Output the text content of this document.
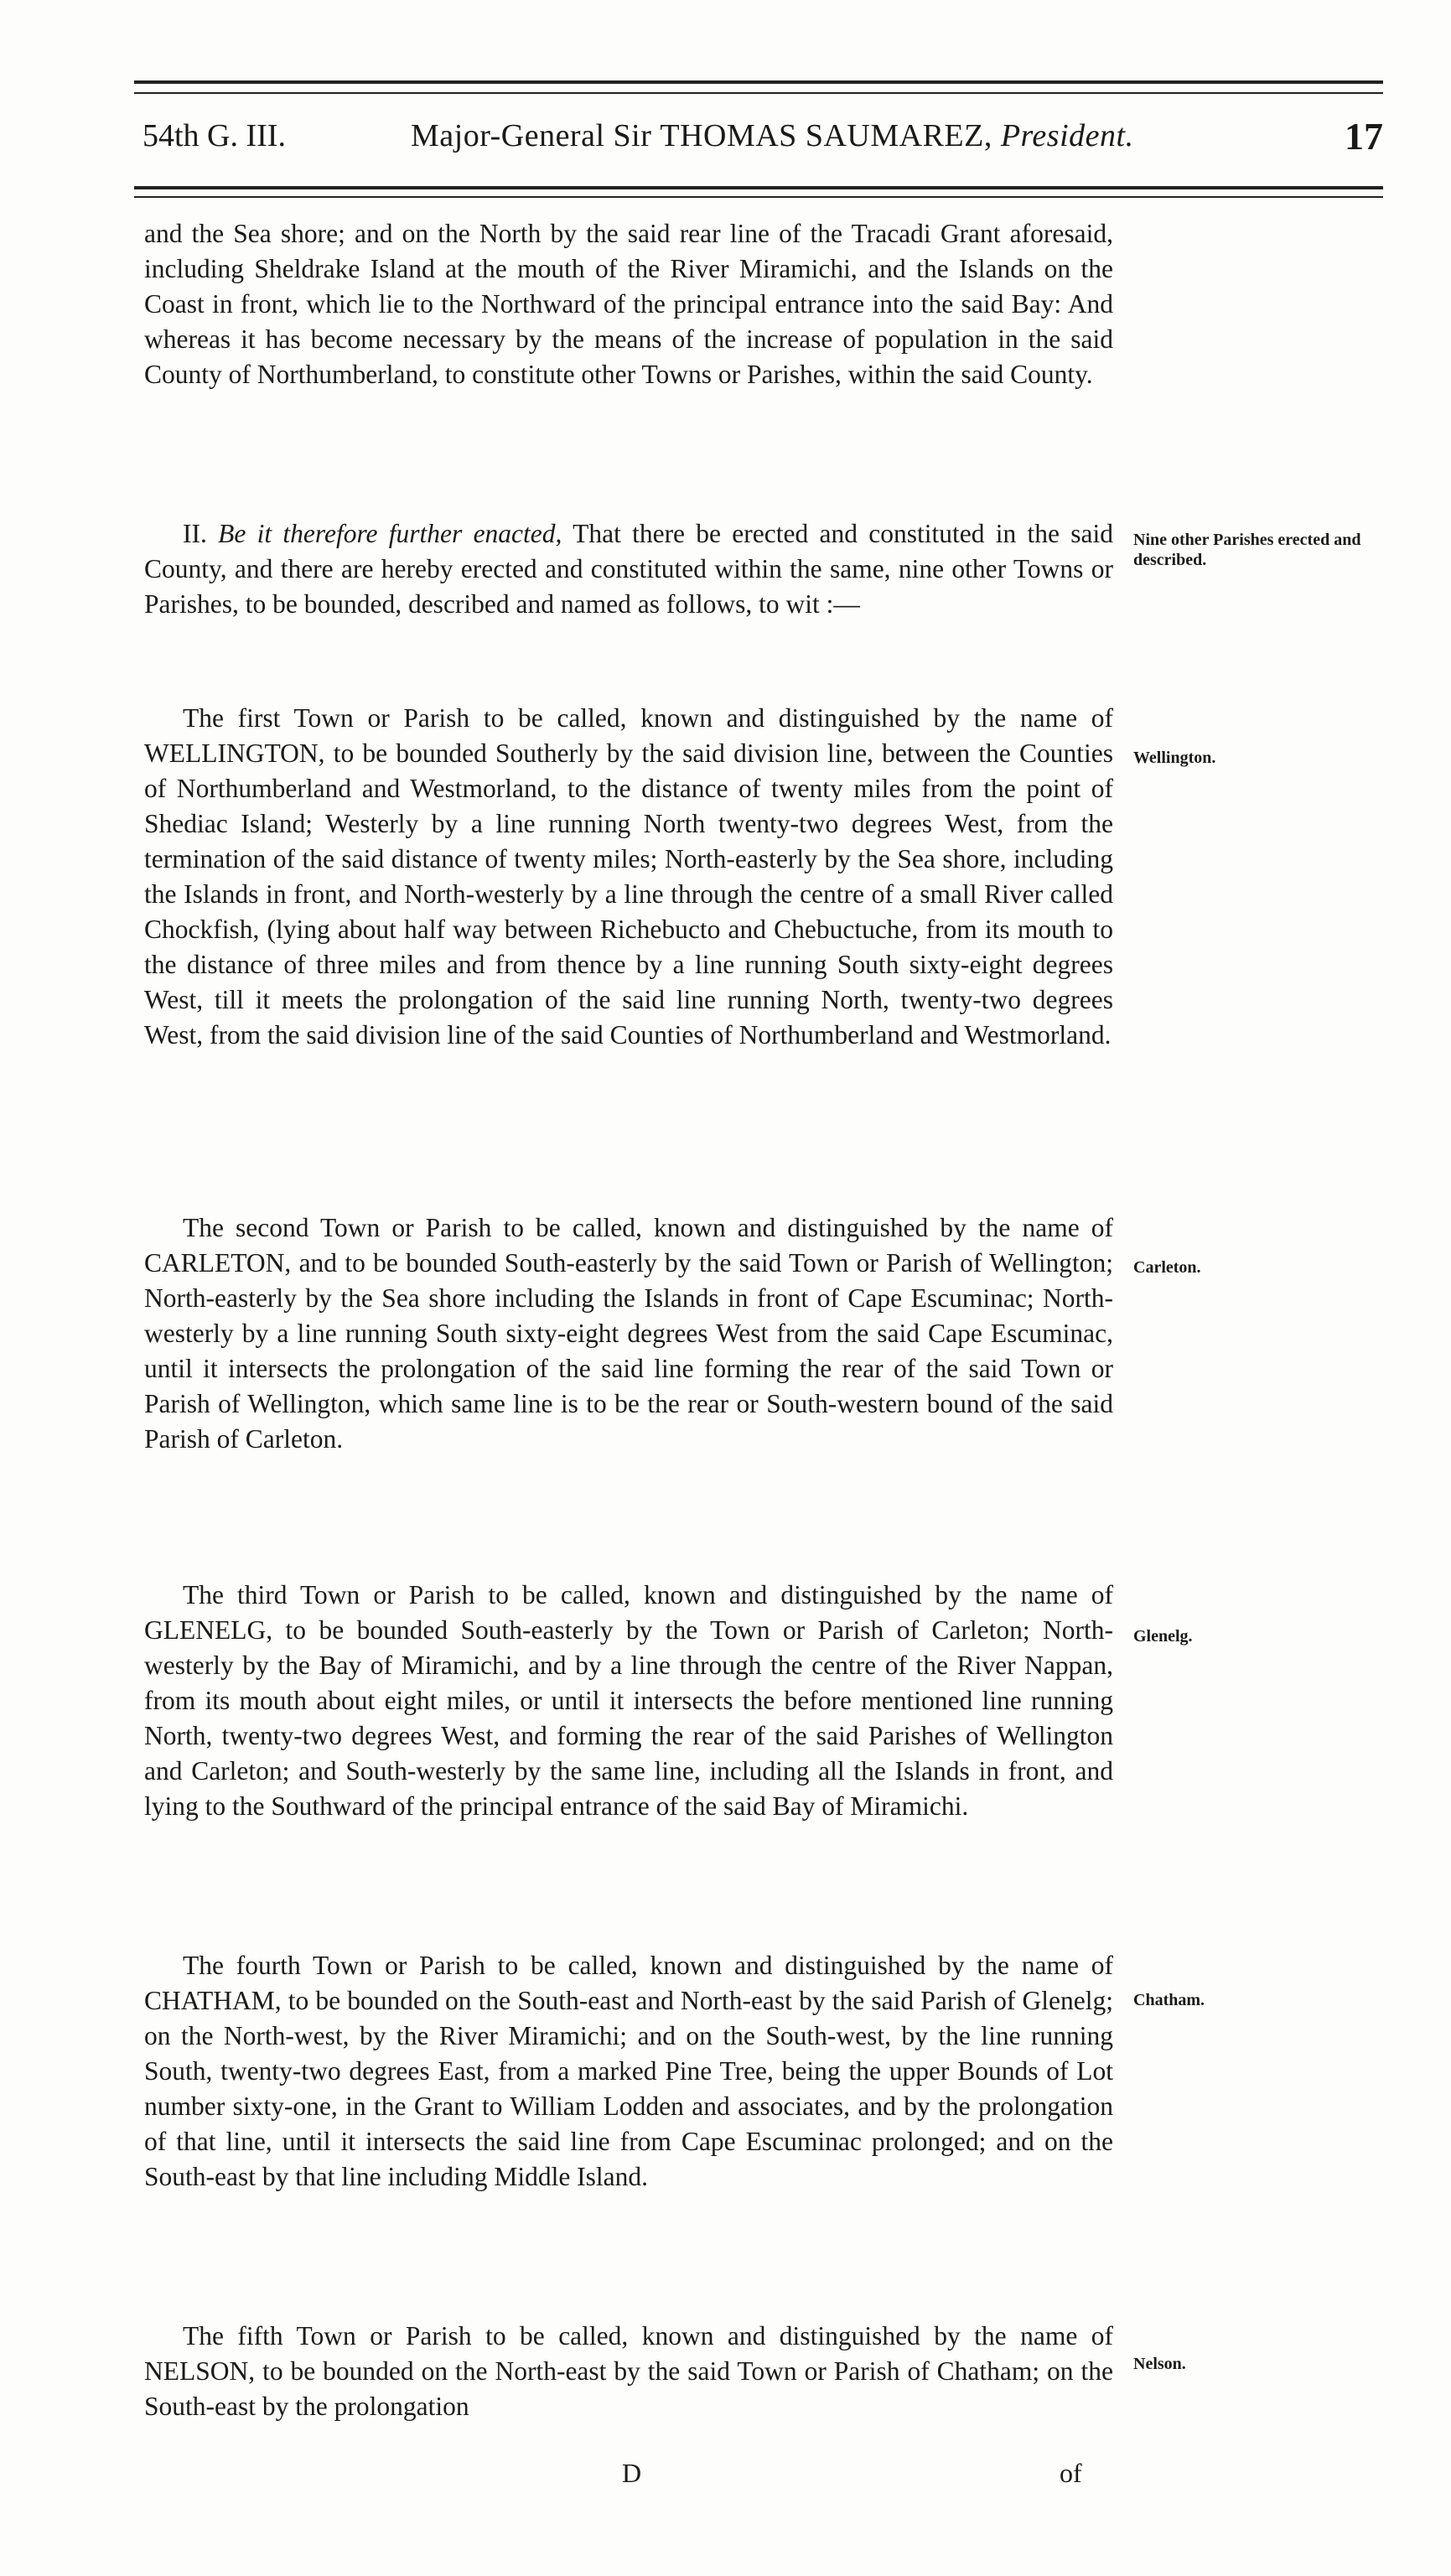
54th G. III.	Major-General Sir THOMAS SAUMAREZ, President.	17

and the Sea shore; and on the North by the said rear line of the Tracadi Grant aforesaid, including Sheldrake Island at the mouth of the River Miramichi, and the Islands on the Coast in front, which lie to the Northward of the principal entrance into the said Bay: And whereas it has become necessary by the means of the increase of population in the said County of Northumberland, to constitute other Towns or Parishes, within the said County.

II. Be it therefore further enacted, That there be erected and constituted in the said County, and there are hereby erected and constituted within the same, nine other Towns or Parishes, to be bounded, described and named as follows, to wit :—

Nine other Parishes erected and described.

The first Town or Parish to be called, known and distinguished by the name of WELLINGTON, to be bounded Southerly by the said division line, between the Counties of Northumberland and Westmorland, to the distance of twenty miles from the point of Shediac Island; Westerly by a line running North twenty-two degrees West, from the termination of the said distance of twenty miles; North-easterly by the Sea shore, including the Islands in front, and North-westerly by a line through the centre of a small River called Chockfish, (lying about half way between Richebucto and Chebuctuche, from its mouth to the distance of three miles and from thence by a line running South sixty-eight degrees West, till it meets the prolongation of the said line running North, twenty-two degrees West, from the said division line of the said Counties of Northumberland and Westmorland.

Wellington.

The second Town or Parish to be called, known and distinguished by the name of CARLETON, and to be bounded South-easterly by the said Town or Parish of Wellington; North-easterly by the Sea shore including the Islands in front of Cape Escuminac; North-westerly by a line running South sixty-eight degrees West from the said Cape Escuminac, until it intersects the prolongation of the said line forming the rear of the said Town or Parish of Wellington, which same line is to be the rear or South-western bound of the said Parish of Carleton.

Carleton.

The third Town or Parish to be called, known and distinguished by the name of GLENELG, to be bounded South-easterly by the Town or Parish of Carleton; North-westerly by the Bay of Miramichi, and by a line through the centre of the River Nappan, from its mouth about eight miles, or until it intersects the before mentioned line running North, twenty-two degrees West, and forming the rear of the said Parishes of Wellington and Carleton; and South-westerly by the same line, including all the Islands in front, and lying to the Southward of the principal entrance of the said Bay of Miramichi.

Glenelg.

The fourth Town or Parish to be called, known and distinguished by the name of CHATHAM, to be bounded on the South-east and North-east by the said Parish of Glenelg; on the North-west, by the River Miramichi; and on the South-west, by the line running South, twenty-two degrees East, from a marked Pine Tree, being the upper Bounds of Lot number sixty-one, in the Grant to William Lodden and associates, and by the prolongation of that line, until it intersects the said line from Cape Escuminac prolonged; and on the South-east by that line including Middle Island.

Chatham.

The fifth Town or Parish to be called, known and distinguished by the name of NELSON, to be bounded on the North-east by the said Town or Parish of Chatham; on the South-east by the prolongation

Nelson.
D	of
